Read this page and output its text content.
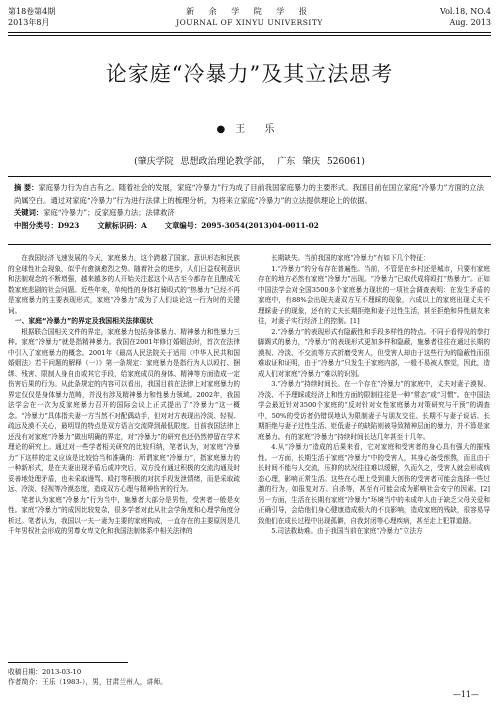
第18卷第4期
2013年8月
新 余 学 院 学 报
JOURNAL OF XINYU UNIVERSITY
Vol.18, NO.4
Aug. 2013
论家庭“冷暴力”及其立法思考
● 王 乐
(肇庆学院 思想政治理论教学部， 广东 肇庆 526061)

摘 要：家庭暴力行为自古有之。随着社会的发展，家庭“冷暴力”行为成了目前我国家庭暴力的主要形式。我国目前在国立家庭“冷暴力”方面的立法尚属空白。通过对家庭“冷暴力”行为进行法律上的梳理分析，为将来立家庭“冷暴力”的立法提供理论上的依据。

关键词：家庭“冷暴力”；反家庭暴力法；法律救济

中图分类号：D923 文献标识码：A 文章编号：2095-3054(2013)04-0011-02

在我国经济飞速发展的今天，家庭暴力，这个跨越了国家、意识形态和民族的全球性社会现象，似乎有愈演愈烈之势。随着社会的进步，人们日益权利意识和法制观念的不断增强，越来越多的人开始关注起这个从古至今都存在且酿成无数家庭悲剧的社会问题。近些年来，单纯性的身体打骑殴式的“热暴力”已经不再是家庭暴力的主要表现形式，家庭“冷暴力”成为了人们谈论这一行为时的关键词。

一、家庭“冷暴力”的界定及我国相关法律现状

根据联合国相关文件的界定，家庭暴力包括身体暴力、精神暴力和性暴力三种。家庭“冷暴力”就是指精神暴力。我国在2001年修订婚姻法时，首次在法律中引入了家庭暴力的概念。2001年《最高人民法院关于适用〈中华人民共和国婚姻法〉若干问题的解释（一）》第一条规定：家庭暴力是指行为人以殴打、捆绑、残害、限制人身自由或其它手段，给家庭成员的身体、精神等方面造成一定伤害后果的行为。从此条规定的内容可以看出，我国目前在法律上对家庭暴力的界定仅仅是身体暴力范畴，并没有涉及精神暴力和性暴力领域。2002年，我国法学会在一次为反家庭暴力召开的国际会议上正式提出了“冷暴力”这一概念。“冷暴力”具体指夫妻一方当然不对配偶动手，但对对方表现出冷淡、轻视、疏远及漠不关心，最明显的特点是双方语言交流降到最低限度。目前我国法律上还没有对家庭“冷暴力”做出明确的界定，对“冷暴力”的研究也还仍然停留在学术理论的研究上。通过对一些学者相关研究的比较归纳，笔者认为，对家庭“冷暴力”下这样的定义应该是比较恰当和准确的：所谓家庭“冷暴力”，指家庭暴力的一种新形式，是在夫妻出现矛盾后或冲突后，双方没有通过积极的交流沟通及时妥善地处理矛盾，也未采取谩骂、殴打等积极的对抗手段发泄情绪，而是采取疏远、冷淡、轻视等冷漠态度，造成双方心理与精神伤害的行为。

笔者认为家庭“冷暴力”行为当中，施暴者大部分是男性，受害者一般是女性。家庭“冷暴力”的成因比较复杂，很多学者对此从社会学角度和心理学角度分析过。笔者认为，我国以一夫一妻为主要的家庭构成，一直存在的主要原因是几千年男权社会形成的男尊女卑文化和我国法制体系中相关法律的

长期缺失。当前我国的家庭“冷暴力”有如下几个特征：

1.“冷暴力”的分布存在普遍性。当前，不管是在乡村还是城市，只要有家庭存在的地方必然有家庭“冷暴力”出现。“冷暴力”已取代成将殴打“热暴力”。正如中国法学会对全国3500多个家庭暴力现状的一项社会调查表明：在发生矛盾的家庭中，有88%会出现夫妻双方互不理睬的现象，六成以上的家庭出现丈夫不理睬妻子的现象，还有的丈夫长期拒绝和妻子过性生活，甚至拒绝和异性朋友来往，对妻子实行经济上的控制。[1]

2.“冷暴力”的表现形式有隐蔽性和手段多样性的特点。不同于看得见的拳打脚踢式的暴力，“冷暴力”的表现形式更加多样和隐蔽，施暴者往往在通过长期的漠视、冷淡、不交流等方式折磨受害人，但受害人却由于这些行为的隐蔽性而很难取证和证明，由于“冷暴力”只发生于家庭内部，一般不易被人察觉，因此，造成人们对家庭“冷暴力”难以的识别。

3.“冷暴力”持续时间长。在一个存在“冷暴力”的家庭中，丈夫对妻子漠视、冷淡、不予理睬或经济上和性方面的限制往往是一种“常态”或“习惯”。在中国法学会最近针对3500个家庭的“反对针对女性家庭暴力对策研究与干预”的调查中，50%的受访者仍错误地认为限制妻子与朋友交往、长期不与妻子说话、长期拒绝与妻子过性生活、贬低妻子的缺陷则被导致精神层面的暴力，并不算是家庭暴力。有的家庭“冷暴力”持续时间长达几年甚至十几年。

4.从“冷暴力”造成的后果来看，它对家庭和受害者的身心具有强大的摧残性。一方面，长期生活于家庭“冷暴力”中的受害人，其身心备受煎熬，而且由于长时间不能与人交流，压抑的状况往往难以缓解，久而久之，受害人就会形成病态心理，影响正常生活。这些在心理上受到重大创伤的受害者可能会选择一些过激的行为，如报复对方、自杀等，甚至有可能会成为影响社会安宁的因素。[2]另一方面，生活在长期有家庭“冷暴力”环境当中的未成年人由于缺乏父母关爱和正确引导，会给他们身心健康造成极大的不良影响，造成家庭的残缺，很容易导致他们在成长过程中出现孤僻，自我封闭等心理疾病，甚至走上犯罪道路。

5.司法救助难。由于我国当前在家庭“冷暴力”立法方

收稿日期：2013-03-10

作者简介：王乐（1983-），男，甘肃兰州人，讲师。

—11—
